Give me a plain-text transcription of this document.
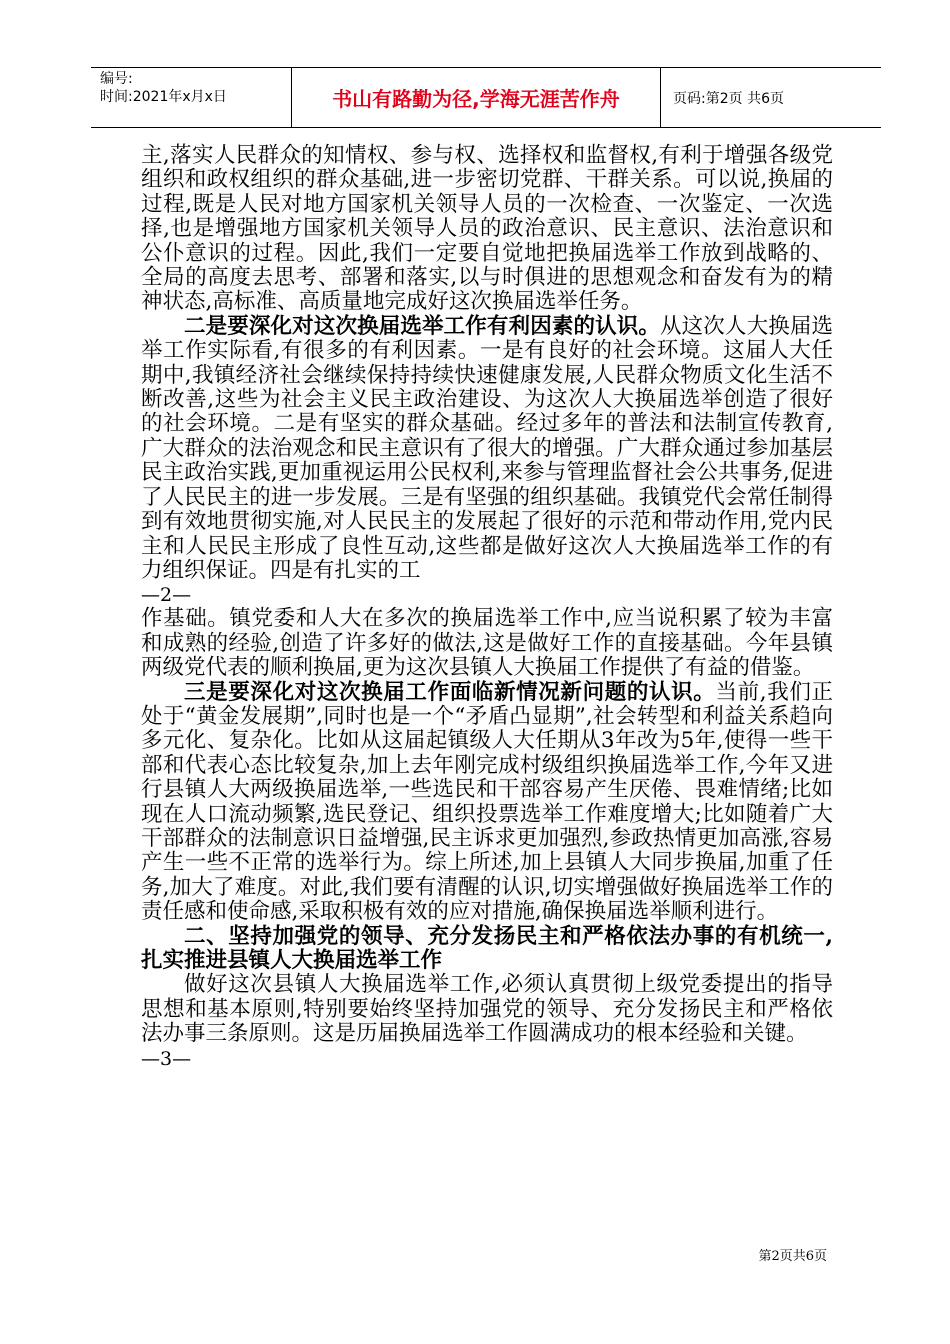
编号:
时间:2021年x月x日	书山有路勤为径,学海无涯苦作舟	页码:第2页 共6页

主,落实人民群众的知情权、参与权、选择权和监督权,有利于增强各级党组织和政权组织的群众基础,进一步密切党群、干群关系。可以说,换届的过程,既是人民对地方国家机关领导人员的一次检查、一次鉴定、一次选择,也是增强地方国家机关领导人员的政治意识、民主意识、法治意识和公仆意识的过程。因此,我们一定要自觉地把换届选举工作放到战略的、全局的高度去思考、部署和落实,以与时俱进的思想观念和奋发有为的精神状态,高标准、高质量地完成好这次换届选举任务。

二是要深化对这次换届选举工作有利因素的认识。从这次人大换届选举工作实际看,有很多的有利因素。一是有良好的社会环境。这届人大任期中,我镇经济社会继续保持持续快速健康发展,人民群众物质文化生活不断改善,这些为社会主义民主政治建设、为这次人大换届选举创造了很好的社会环境。二是有坚实的群众基础。经过多年的普法和法制宣传教育,广大群众的法治观念和民主意识有了很大的增强。广大群众通过参加基层民主政治实践,更加重视运用公民权利,来参与管理监督社会公共事务,促进了人民民主的进一步发展。三是有坚强的组织基础。我镇党代会常任制得到有效地贯彻实施,对人民民主的发展起了很好的示范和带动作用,党内民主和人民民主形成了良性互动,这些都是做好这次人大换届选举工作的有力组织保证。四是有扎实的工

—2—

作基础。镇党委和人大在多次的换届选举工作中,应当说积累了较为丰富和成熟的经验,创造了许多好的做法,这是做好工作的直接基础。今年县镇两级党代表的顺利换届,更为这次县镇人大换届工作提供了有益的借鉴。

三是要深化对这次换届工作面临新情况新问题的认识。当前,我们正处于“黄金发展期”,同时也是一个“矛盾凸显期”,社会转型和利益关系趋向多元化、复杂化。比如从这届起镇级人大任期从3年改为5年,使得一些干部和代表心态比较复杂,加上去年刚完成村级组织换届选举工作,今年又进行县镇人大两级换届选举,一些选民和干部容易产生厌倦、畏难情绪;比如现在人口流动频繁,选民登记、组织投票选举工作难度增大;比如随着广大干部群众的法制意识日益增强,民主诉求更加强烈,参政热情更加高涨,容易产生一些不正常的选举行为。综上所述,加上县镇人大同步换届,加重了任务,加大了难度。对此,我们要有清醒的认识,切实增强做好换届选举工作的责任感和使命感,采取积极有效的应对措施,确保换届选举顺利进行。

二、坚持加强党的领导、充分发扬民主和严格依法办事的有机统一,扎实推进县镇人大换届选举工作

做好这次县镇人大换届选举工作,必须认真贯彻上级党委提出的指导思想和基本原则,特别要始终坚持加强党的领导、充分发扬民主和严格依法办事三条原则。这是历届换届选举工作圆满成功的根本经验和关键。

—3—

第2页共6页
